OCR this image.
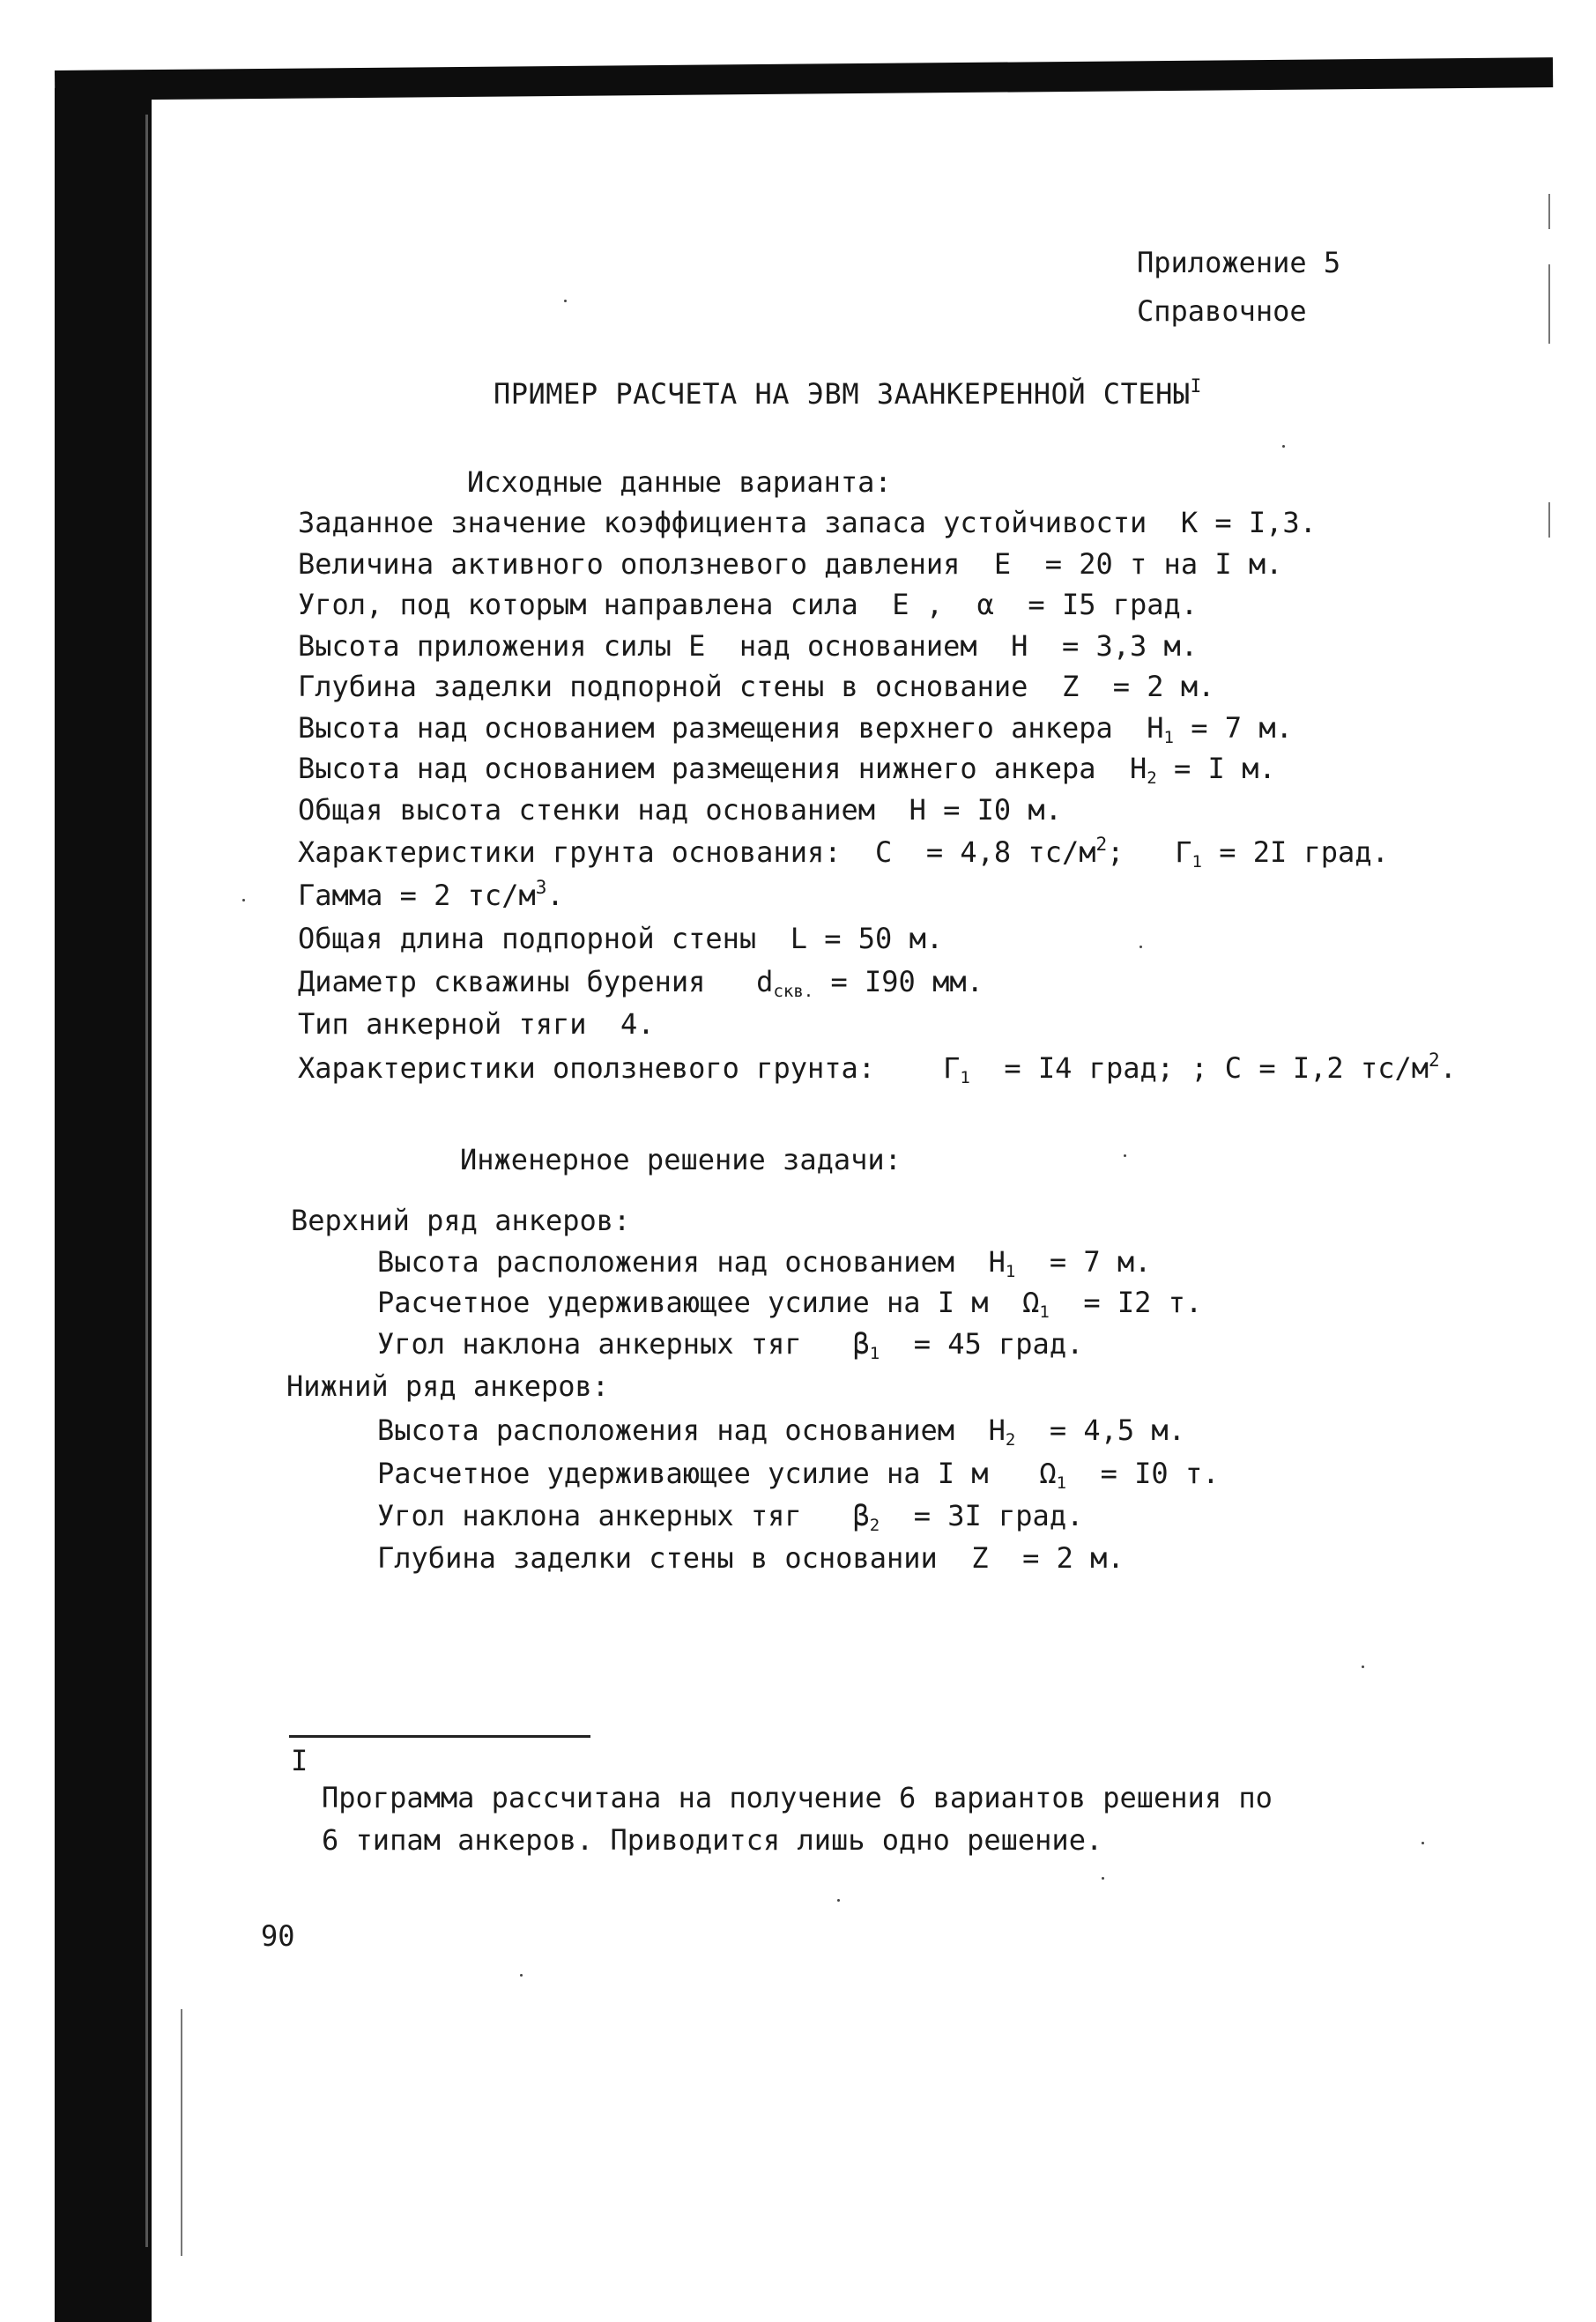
Приложение 5
Справочное
ПРИМЕР РАСЧЕТА НА ЭВМ ЗААНКЕРЕННОЙ $СТЕНЫ^I$
Исходные данные варианта:
Заданное значение коэффициента запаса устойчивости  K = I,3.
Величина активного оползневого давления  E  = 20 т на I м.
Угол, под которым направлена сила  E ,  α  = I5 град.
Высота приложения силы E  над основанием  H  = 3,3 м.
Глубина заделки подпорной стены в основание  Z  = 2 м.
Высота над основанием размещения верхнего анкера  $H_1 = 7$ м.
Высота над основанием размещения нижнего анкера  $H_2 = I$ м.
Общая высота стенки над основанием  H = I0 м.
Характеристики грунта основания:  C  = 4,8 $тс/м^2$;   $\Gamma_1 = 2I$ град.
Гамма = 2 $тс/м^3$.
Общая длина подпорной стены  L = 50 м.
Диаметр скважины бурения   $d_{скв.} = I90$ мм.
Тип анкерной тяги  4.
Характеристики оползневого грунта:    $\Gamma_1 = I4$ град; ; C = I,2 $тс/м^2$.
Инженерное решение задачи:
Верхний ряд анкеров:
Высота расположения над основанием  $H_1 = 7$ м.
Расчетное удерживающее усилие на I м  $\Omega_1 = I2$ т.
Угол наклона анкерных тяг   $\beta_1 = 45$ град.
Нижний ряд анкеров:
Высота расположения над основанием  $H_2 = 4,5$ м.
Расчетное удерживающее усилие на I м   $\Omega_1 = I0$ т.
Угол наклона анкерных тяг   $\beta_2 = 3I$ град.
Глубина заделки стены в основании  Z  = 2 м.
I
Программа рассчитана на получение 6 вариантов решения по
6 типам анкеров. Приводится лишь одно решение.
90
